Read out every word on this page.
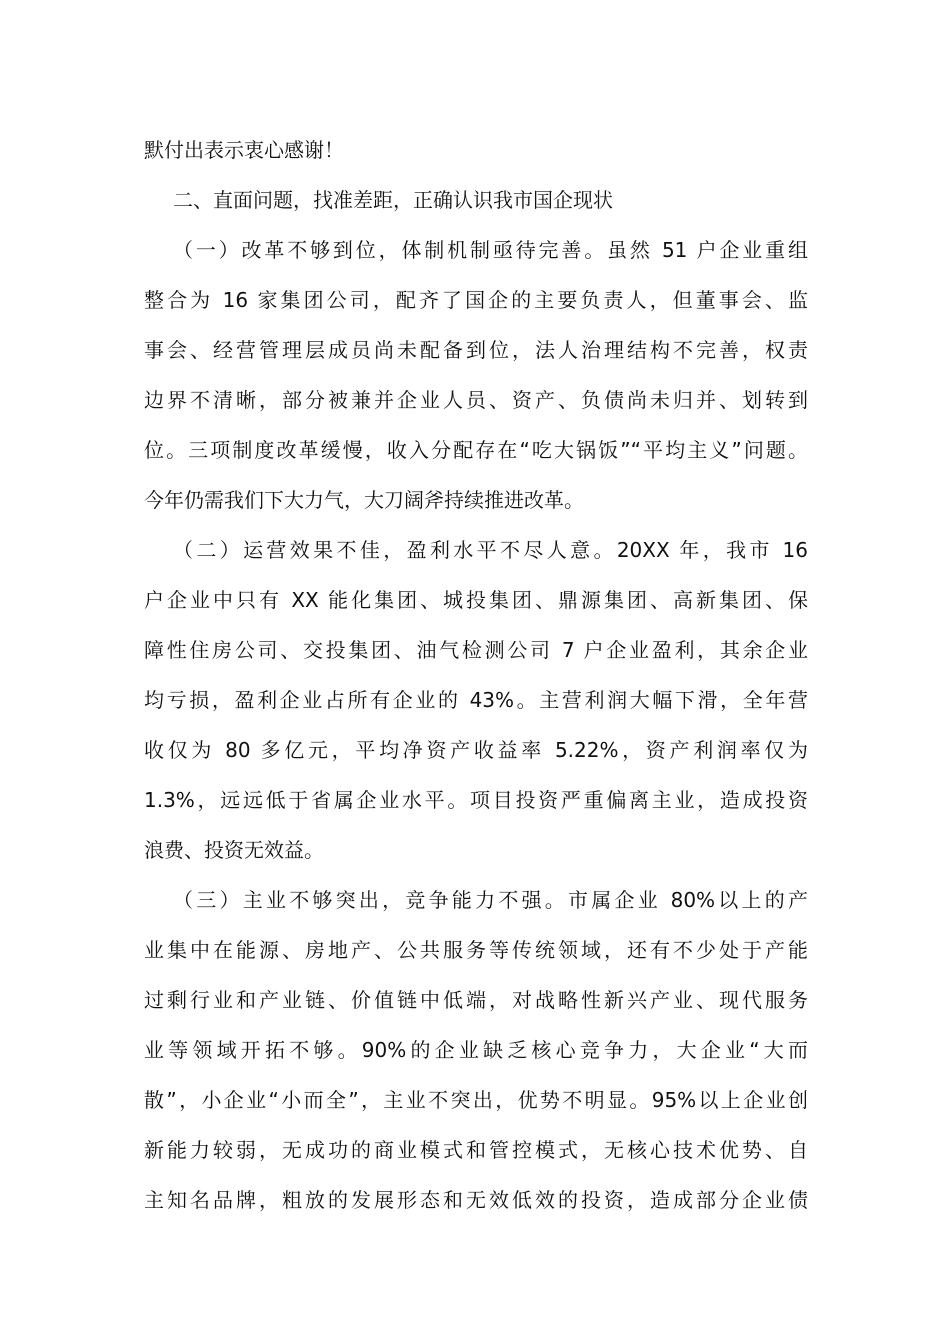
默付出表示衷心感谢！
二、直面问题，找准差距，正确认识我市国企现状
（一）改革不够到位，体制机制亟待完善。虽然 51 户企业重组
整合为 16 家集团公司，配齐了国企的主要负责人，但董事会、监
事会、经营管理层成员尚未配备到位，法人治理结构不完善，权责
边界不清晰，部分被兼并企业人员、资产、负债尚未归并、划转到
位。三项制度改革缓慢，收入分配存在“吃大锅饭”“平均主义”问题。
今年仍需我们下大力气，大刀阔斧持续推进改革。
（二）运营效果不佳，盈利水平不尽人意。20XX 年，我市 16
户企业中只有 XX 能化集团、城投集团、鼎源集团、高新集团、保
障性住房公司、交投集团、油气检测公司 7 户企业盈利，其余企业
均亏损，盈利企业占所有企业的 43%。主营利润大幅下滑，全年营
收仅为 80 多亿元，平均净资产收益率 5.22%，资产利润率仅为
1.3%，远远低于省属企业水平。项目投资严重偏离主业，造成投资
浪费、投资无效益。
（三）主业不够突出，竞争能力不强。市属企业 80%以上的产
业集中在能源、房地产、公共服务等传统领域，还有不少处于产能
过剩行业和产业链、价值链中低端，对战略性新兴产业、现代服务
业等领域开拓不够。90%的企业缺乏核心竞争力，大企业“大而
散”，小企业“小而全”，主业不突出，优势不明显。95%以上企业创
新能力较弱，无成功的商业模式和管控模式，无核心技术优势、自
主知名品牌，粗放的发展形态和无效低效的投资，造成部分企业债
